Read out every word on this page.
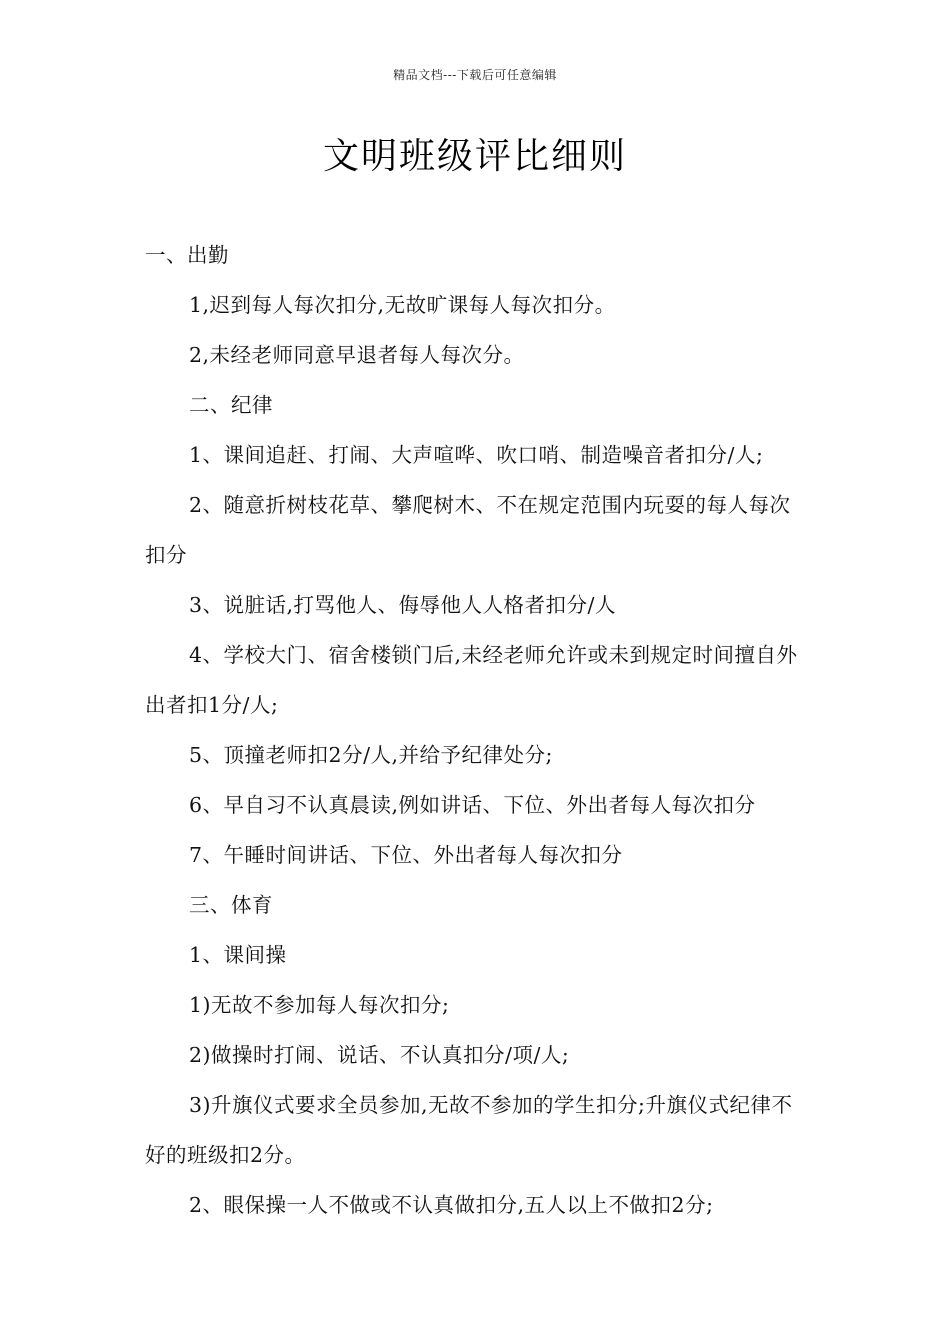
精品文档---下载后可任意编辑
文明班级评比细则

一、出勤

1,迟到每人每次扣分,无故旷课每人每次扣分。

2,未经老师同意早退者每人每次分。

二、纪律

1、课间追赶、打闹、大声喧哗、吹口哨、制造噪音者扣分/人;

2、随意折树枝花草、攀爬树木、不在规定范围内玩耍的每人每次扣分

3、说脏话,打骂他人、侮辱他人人格者扣分/人

4、学校大门、宿舍楼锁门后,未经老师允许或未到规定时间擅自外出者扣1分/人;

5、顶撞老师扣2分/人,并给予纪律处分;

6、早自习不认真晨读,例如讲话、下位、外出者每人每次扣分

7、午睡时间讲话、下位、外出者每人每次扣分

三、体育

1、课间操

1)无故不参加每人每次扣分;

2)做操时打闹、说话、不认真扣分/项/人;

3)升旗仪式要求全员参加,无故不参加的学生扣分;升旗仪式纪律不好的班级扣2分。

2、眼保操一人不做或不认真做扣分,五人以上不做扣2分;
